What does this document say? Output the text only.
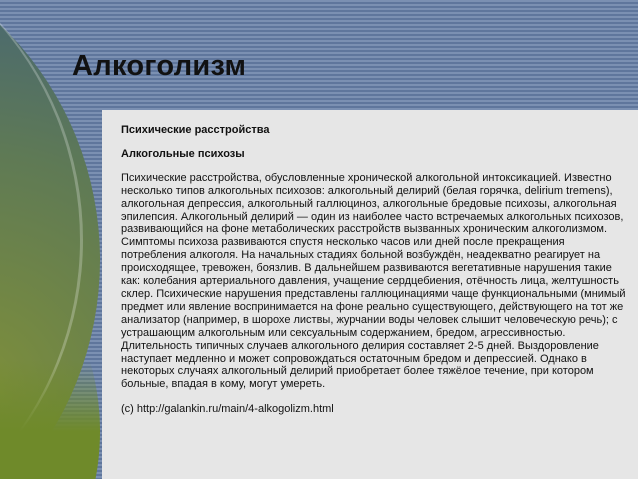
Алкоголизм

Психические расстройства

Алкогольные психозы

Психические расстройства, обусловленные хронической алкогольной интоксикацией. Известно несколько типов алкогольных психозов: алкогольный делирий (белая горячка, delirium tremens), алкогольная депрессия, алкогольный галлюциноз, алкогольные бредовые психозы, алкогольная эпилепсия. Алкогольный делирий — один из наиболее часто встречаемых алкогольных психозов, развивающийся на фоне метаболических расстройств вызванных хроническим алкоголизмом. Симптомы психоза развиваются спустя несколько часов или дней после прекращения потребления алкоголя. На начальных стадиях больной возбуждён, неадекватно реагирует на происходящее, тревожен, боязлив. В дальнейшем развиваются вегетативные нарушения такие как: колебания артериального давления, учащение сердцебиения, отёчность лица, желтушность склер. Психические нарушения представлены галлюцинациями чаще функциональными (мнимый предмет или явление воспринимается на фоне реально существующего, действующего на тот же анализатор (например, в шорохе листвы, журчании воды человек слышит человеческую речь); с устрашающим алкогольным или сексуальным содержанием, бредом, агрессивностью. Длительность типичных случаев алкогольного делирия составляет 2-5 дней. Выздоровление наступает медленно и может сопровождаться остаточным бредом и депрессией. Однако в некоторых случаях алкогольный делирий приобретает более тяжёлое течение, при котором больные, впадая в кому, могут умереть.

(с) http://galankin.ru/main/4-alkogolizm.html
